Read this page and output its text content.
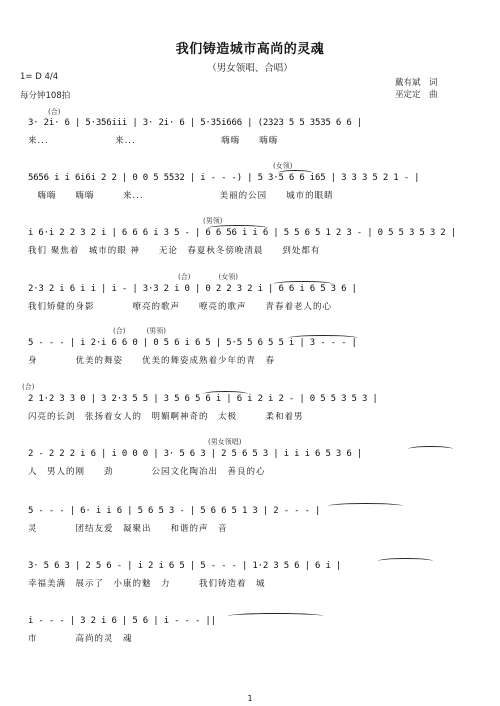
我们铸造城市高尚的灵魂
（男女领唱、合唱）
1= D 4/4
每分钟108拍
戴有斌　词
巫定定　曲
(合)
3· 2i· 6 | 5·356iii | 3· 2i· 6 | 5·35i666 | (2323 5 5 3535 6 6 |
来...　　　　　　　来...　　　　　　　　　嗨嗨　　嗨嗨
(女领)
5656 i i 6i6i 2 2 | 0 0 5 5532 | i - - -) | 5 3·5 6 6 i65 | 3 3 3 5 2 1 - |
　嗨嗨　　嗨嗨　　　来...　　　　　　　　美丽的公园　　城市的眼睛
(男领)
i 6·i 2 2 3 2 i | 6 6 6 i 3 5 - | 6 6 56 i i 6 | 5 5 6 5 1 2 3 - | 0 5 5 3 5 3 2 |
我们 聚焦着　城市的眼 神　　无论　春夏秋冬傍晚清晨　　到处都有
(合)　　　　(女领)
2·3 2 i 6 i i | i - | 3·3 2 i 0 | 0 2 2 3 2 i | 6 6 i 6 5 3 6 |
我们矫健的身影　　　　嘹亮的歌声　　嘹亮的歌声　　青春着老人的心
(合)　　　(男领)
5 - - - | i 2·i 6 6 0 | 0 5 6 i 6 5 | 5·5 5 6 5 5 i | 3 - - - |
身　　　　优美的舞姿　　优美的舞姿成熟着少年的青　春
(合)
2 1·2 3 3 0 | 3 2·3 5 5 | 3 5 6 5 6 i | 6 i 2 i 2 - | 0 5 5 3 5 3 |
闪亮的长剑　张扬着女人的　明媚啊神奇的　太极　　　柔和着男
(男女领唱)
2 - 2 2 2 i 6 | i 0 0 0 | 3· 5 6 3 | 2 5 6 5 3 | i i i 6 5 3 6 |
人　男人的刚　　劲　　　　公园文化陶冶出　善良的心
5 - - - | 6· i i 6 | 5 6 5 3 - | 5 6 6 5 1 3 | 2 - - - |
灵　　　　团结友爱　凝聚出　　和谐的声　音
3· 5 6 3 | 2 5 6 - | i 2 i 6 5 | 5 - - - | 1·2 3 5 6 | 6 i |
幸福美满　展示了　小康的魅　力　　　我们铸造着　城
i - - - | 3 2 i 6 | 5 6 | i - - - ||
市　　　　高尚的灵　魂
1
